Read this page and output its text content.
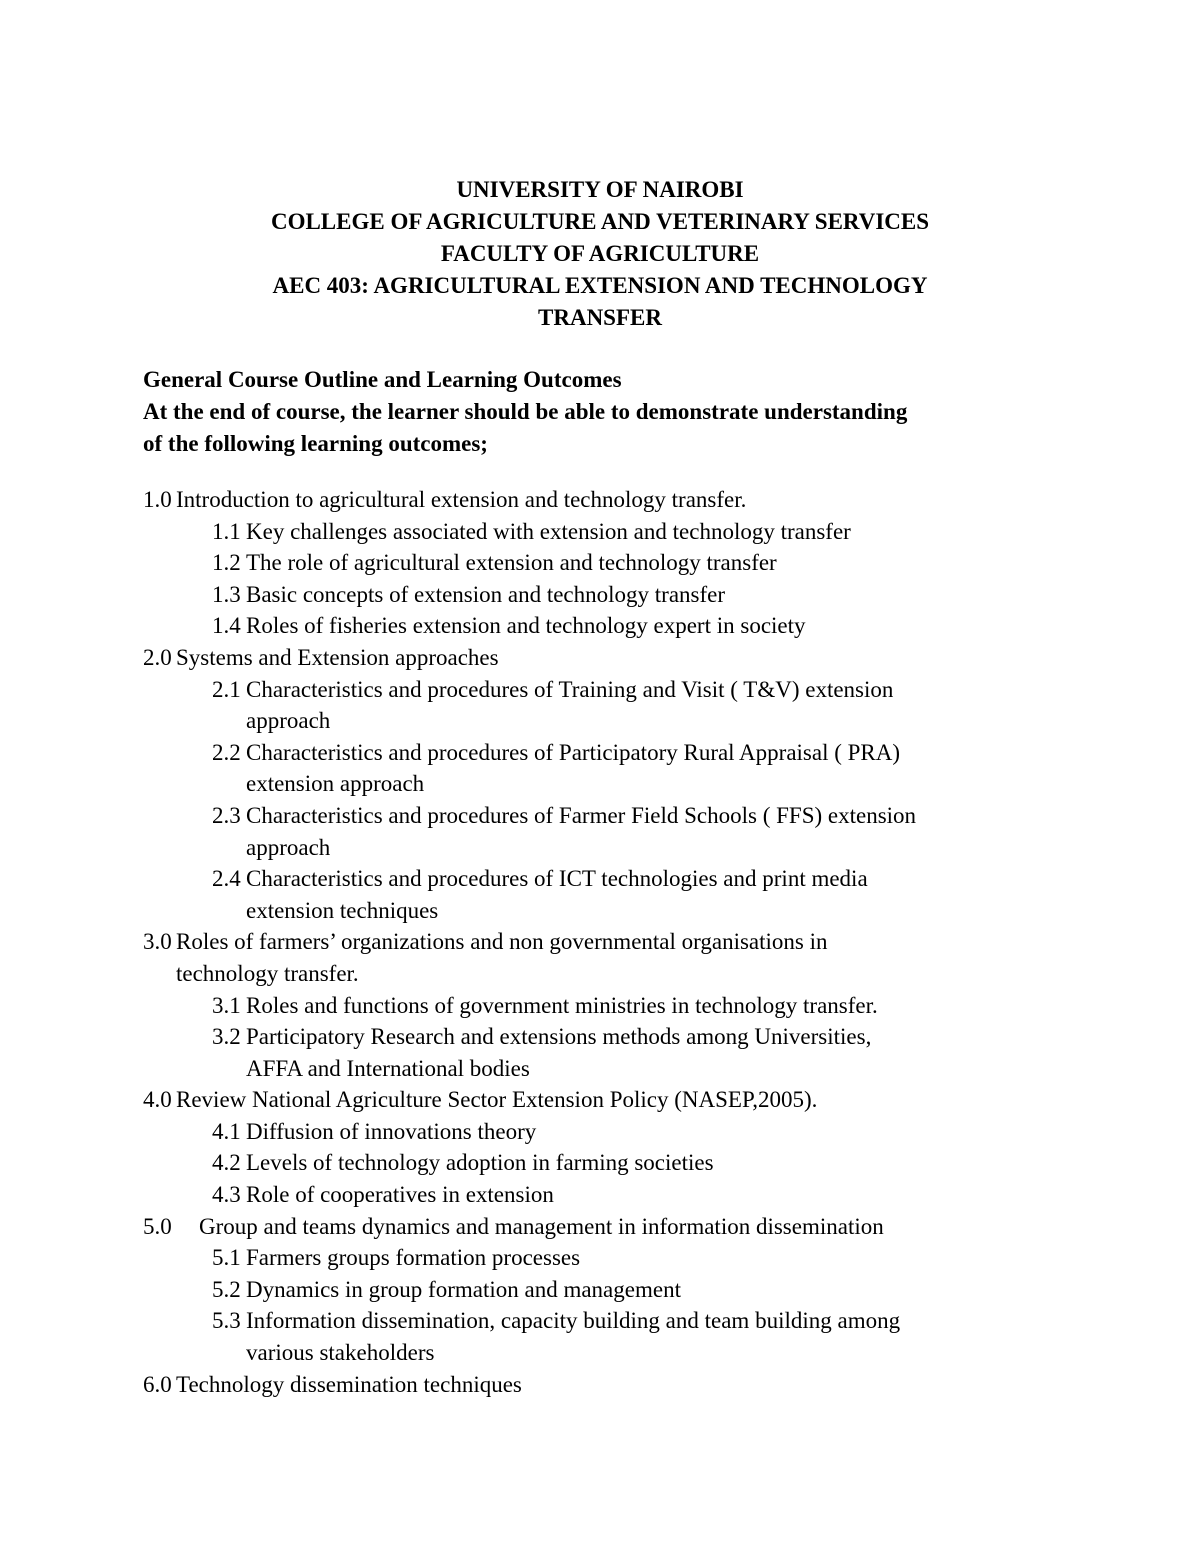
UNIVERSITY OF NAIROBI
COLLEGE OF AGRICULTURE AND VETERINARY SERVICES
FACULTY OF AGRICULTURE
AEC 403: AGRICULTURAL EXTENSION AND TECHNOLOGY
TRANSFER
General Course Outline and Learning Outcomes
At the end of course, the learner should be able to demonstrate understanding
of the following learning outcomes;
1.0 Introduction to agricultural extension and technology transfer.
1.1 Key challenges associated with extension and technology transfer
1.2 The role of agricultural extension and technology transfer
1.3 Basic concepts of extension and technology transfer
1.4 Roles of fisheries extension and technology expert in society
2.0 Systems and Extension approaches
2.1 Characteristics and procedures of Training and Visit ( T&V) extension
approach
2.2 Characteristics and procedures of Participatory Rural Appraisal ( PRA)
extension approach
2.3 Characteristics and procedures of Farmer Field Schools ( FFS) extension
approach
2.4 Characteristics and procedures of ICT technologies and print media
extension techniques
3.0 Roles of farmers’ organizations and non governmental organisations in
technology transfer.
3.1 Roles and functions of government ministries in technology transfer.
3.2 Participatory Research and extensions methods among Universities,
AFFA and International bodies
4.0 Review National Agriculture Sector Extension Policy (NASEP,2005).
4.1 Diffusion of innovations theory
4.2 Levels of technology adoption in farming societies
4.3 Role of cooperatives in extension
5.0 Group and teams dynamics and management in information dissemination
5.1 Farmers groups formation processes
5.2 Dynamics in group formation and management
5.3 Information dissemination, capacity building and team building among
various stakeholders
6.0 Technology dissemination techniques
